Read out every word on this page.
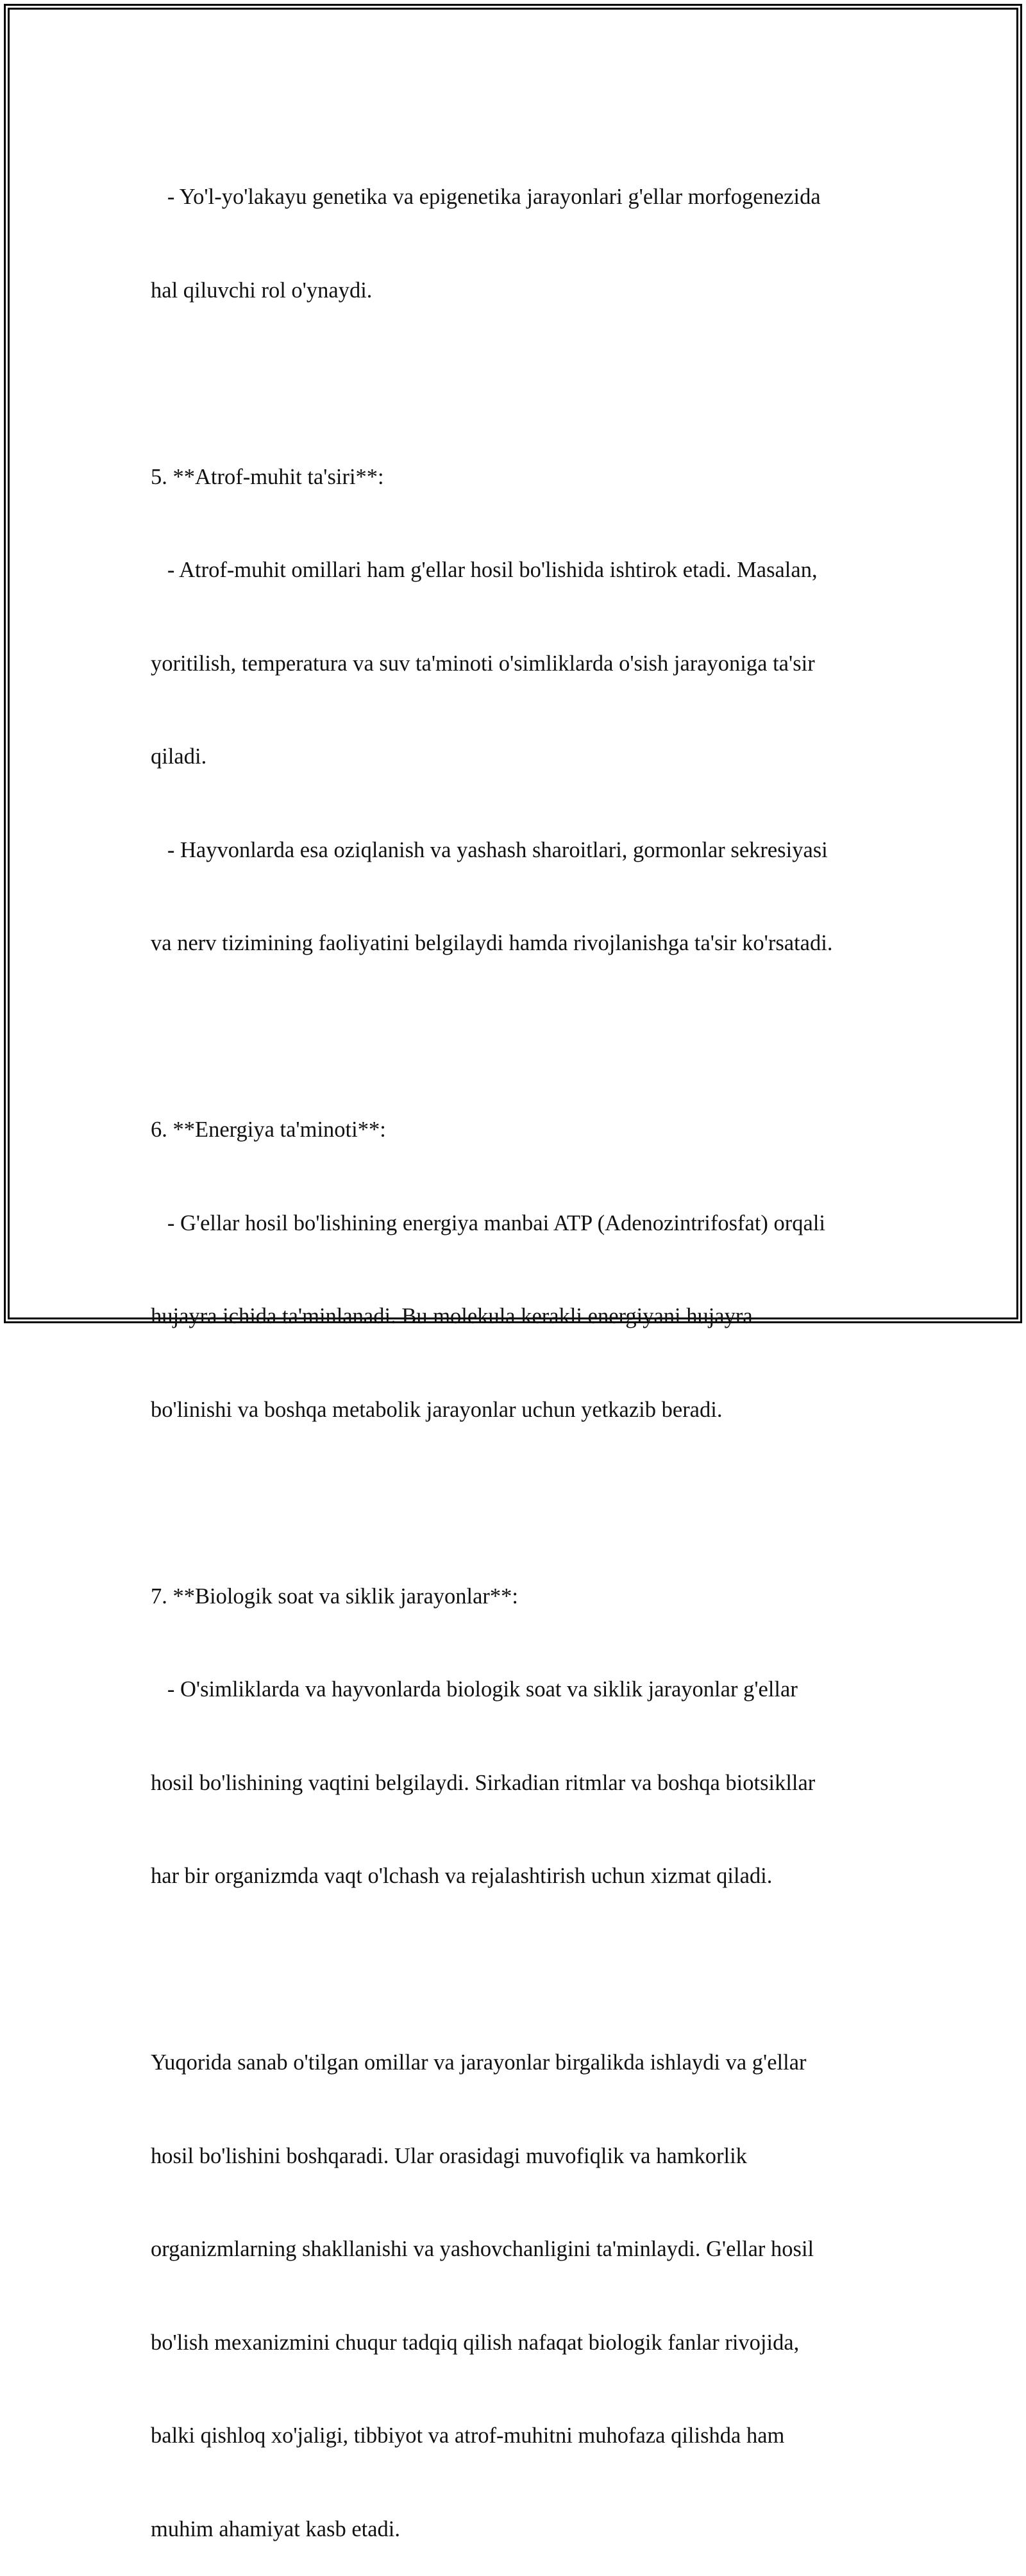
- Yo'l-yo'lakayu genetika va epigenetika jarayonlari g'ellar morfogenezida

hal qiluvchi rol o'ynaydi.

5. **Atrof-muhit ta'siri**:

- Atrof-muhit omillari ham g'ellar hosil bo'lishida ishtirok etadi. Masalan,

yoritilish, temperatura va suv ta'minoti o'simliklarda o'sish jarayoniga ta'sir

qiladi.

- Hayvonlarda esa oziqlanish va yashash sharoitlari, gormonlar sekresiyasi

va nerv tizimining faoliyatini belgilaydi hamda rivojlanishga ta'sir ko'rsatadi.

6. **Energiya ta'minoti**:

- G'ellar hosil bo'lishining energiya manbai ATP (Adenozintrifosfat) orqali

hujayra ichida ta'minlanadi. Bu molekula kerakli energiyani hujayra

bo'linishi va boshqa metabolik jarayonlar uchun yetkazib beradi.

7. **Biologik soat va siklik jarayonlar**:

- O'simliklarda va hayvonlarda biologik soat va siklik jarayonlar g'ellar

hosil bo'lishining vaqtini belgilaydi. Sirkadian ritmlar va boshqa biotsikllar

har bir organizmda vaqt o'lchash va rejalashtirish uchun xizmat qiladi.

Yuqorida sanab o'tilgan omillar va jarayonlar birgalikda ishlaydi va g'ellar

hosil bo'lishini boshqaradi. Ular orasidagi muvofiqlik va hamkorlik

organizmlarning shakllanishi va yashovchanligini ta'minlaydi. G'ellar hosil

bo'lish mexanizmini chuqur tadqiq qilish nafaqat biologik fanlar rivojida,

balki qishloq xo'jaligi, tibbiyot va atrof-muhitni muhofaza qilishda ham

muhim ahamiyat kasb etadi.
